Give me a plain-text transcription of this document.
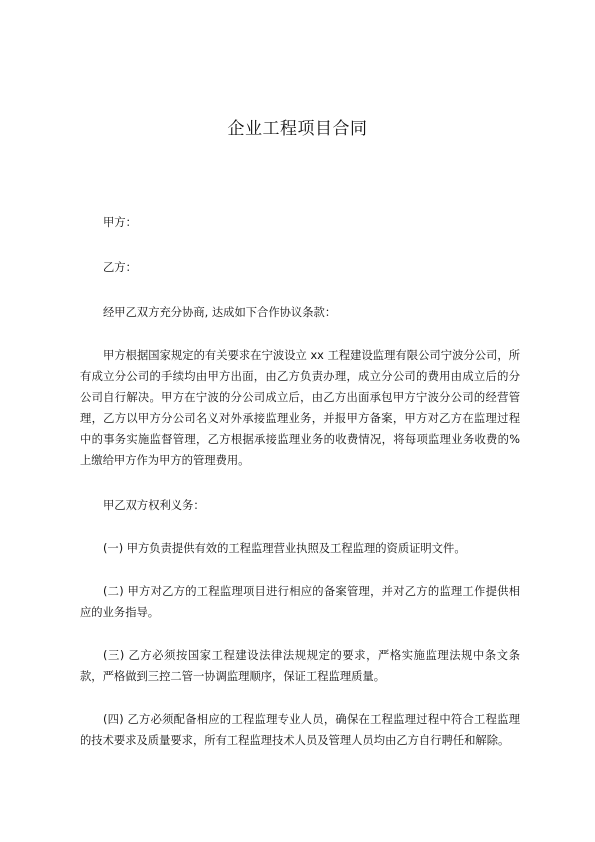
企业工程项目合同

甲方：

乙方：

经甲乙双方充分协商, 达成如下合作协议条款：

甲方根据国家规定的有关要求在宁波设立 xx 工程建设监理有限公司宁波分公司，所有成立分公司的手续均由甲方出面，由乙方负责办理，成立分公司的费用由成立后的分公司自行解决。甲方在宁波的分公司成立后，由乙方出面承包甲方宁波分公司的经营管理，乙方以甲方分公司名义对外承接监理业务，并报甲方备案，甲方对乙方在监理过程中的事务实施监督管理，乙方根据承接监理业务的收费情况，将每项监理业务收费的%上缴给甲方作为甲方的管理费用。

甲乙双方权利义务：

(一) 甲方负责提供有效的工程监理营业执照及工程监理的资质证明文件。

(二) 甲方对乙方的工程监理项目进行相应的备案管理，并对乙方的监理工作提供相应的业务指导。

(三) 乙方必须按国家工程建设法律法规规定的要求，严格实施监理法规中条文条款，严格做到三控二管一协调监理顺序，保证工程监理质量。

(四) 乙方必须配备相应的工程监理专业人员，确保在工程监理过程中符合工程监理的技术要求及质量要求，所有工程监理技术人员及管理人员均由乙方自行聘任和解除。
